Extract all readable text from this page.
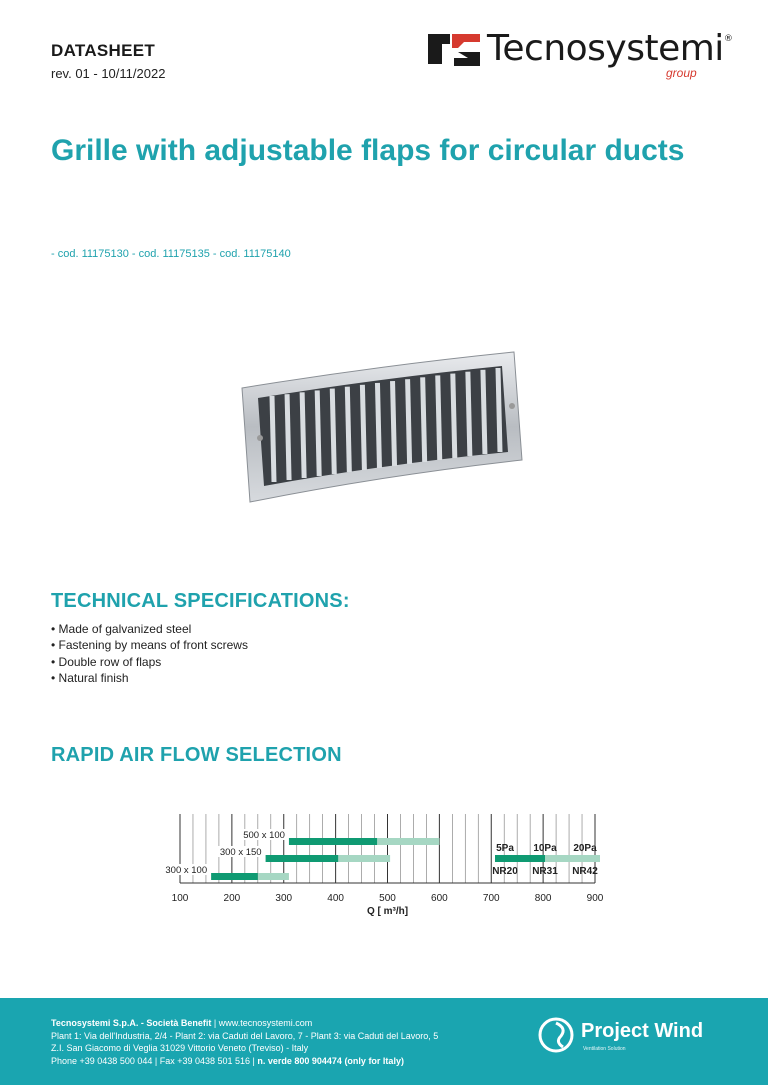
DATASHEET
rev. 01 - 10/11/2022
Tecnosystemi®
group
Grille with adjustable flaps for circular ducts
- cod. 11175130 - cod. 11175135 - cod. 11175140
TECHNICAL SPECIFICATIONS:
• Made of galvanized steel
• Fastening by means of front screws
• Double row of flaps
• Natural finish
RAPID AIR FLOW SELECTION
100	200	300	400	500	600	700	800	900
Q [ m³/h]
500 x 100
300 x 150
300 x 100
5Pa 10Pa 20Pa
NR20 NR31 NR42
Tecnosystemi S.p.A. - Società Benefit | www.tecnosystemi.com
Plant 1: Via dell'Industria, 2/4 - Plant 2: via Caduti del Lavoro, 7 - Plant 3: via Caduti del Lavoro, 5
Z.I. San Giacomo di Veglia 31029 Vittorio Veneto (Treviso) - Italy
Phone +39 0438 500 044 | Fax +39 0438 501 516 | n. verde 800 904474 (only for Italy)
Project Wind
Ventilation Solution
